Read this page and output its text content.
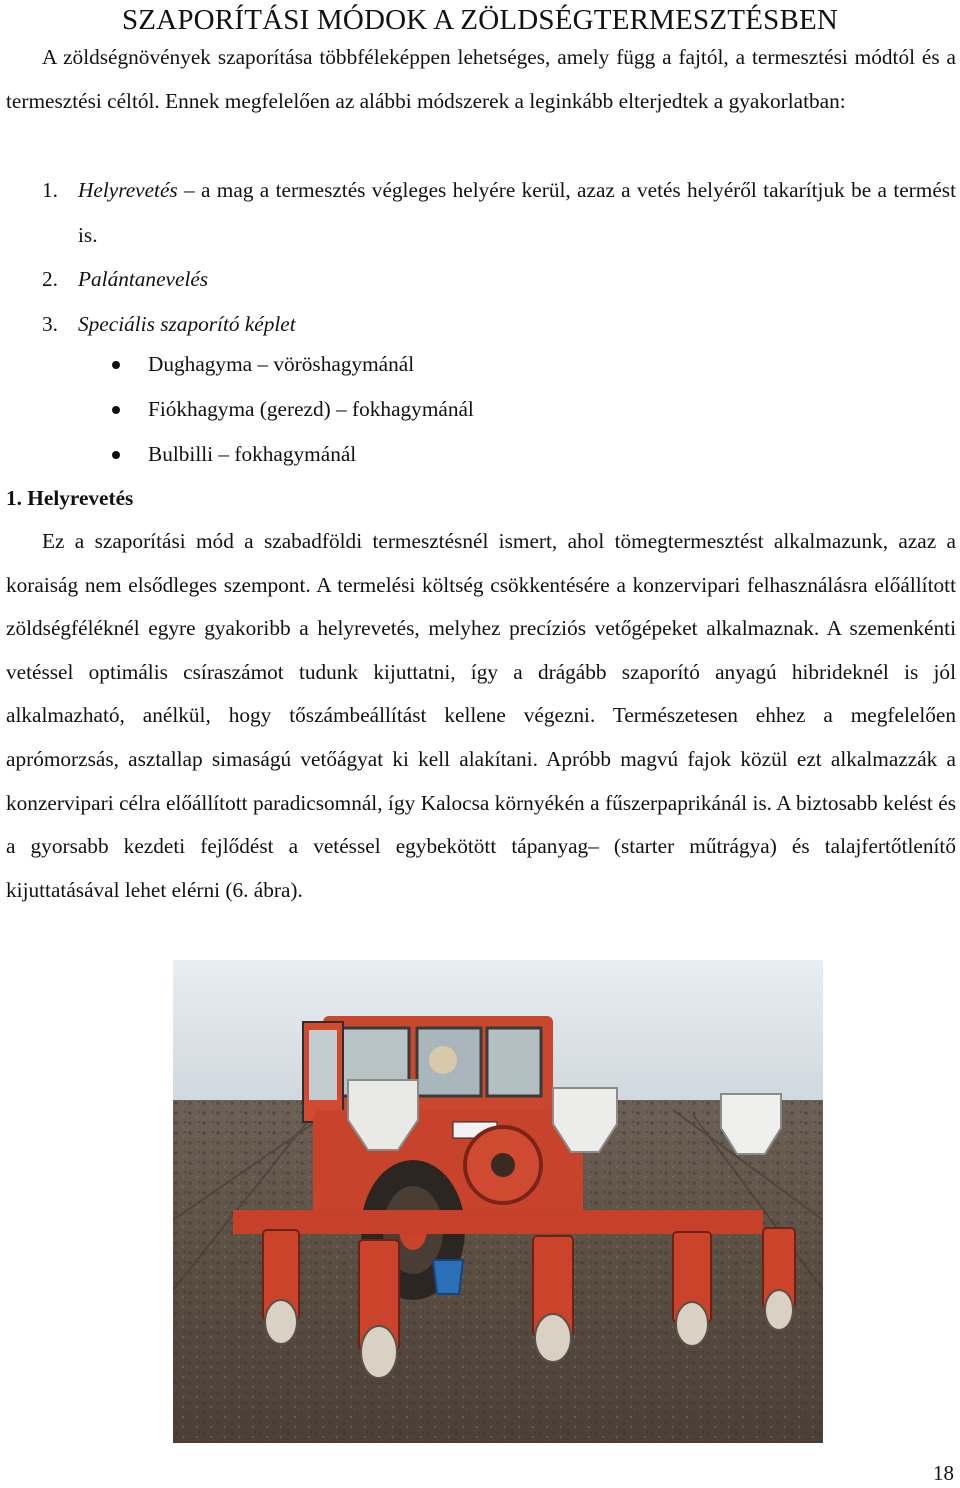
SZAPORÍTÁSI MÓDOK A ZÖLDSÉGTERMESZTÉSBEN

A zöldségnövények szaporítása többféleképpen lehetséges, amely függ a fajtól, a termesztési módtól és a termesztési céltól. Ennek megfelelően az alábbi módszerek a leginkább elterjedtek a gyakorlatban:

1. Helyrevetés – a mag a termesztés végleges helyére kerül, azaz a vetés helyéről takarítjuk be a termést is.
2. Palántanevelés
3. Speciális szaporító képlet
Dughagyma – vöröshagymánál
Fiókhagyma (gerezd) – fokhagymánál
Bulbilli – fokhagymánál
1. Helyrevetés

Ez a szaporítási mód a szabadföldi termesztésnél ismert, ahol tömegtermesztést alkalmazunk, azaz a koraiság nem elsődleges szempont. A termelési költség csökkentésére a konzervipari felhasználásra előállított zöldségféléknél egyre gyakoribb a helyrevetés, melyhez precíziós vetőgépeket alkalmaznak. A szemenkénti vetéssel optimális csíraszámot tudunk kijuttatni, így a drágább szaporító anyagú hibrideknél is jól alkalmazható, anélkül, hogy tőszámbeállítást kellene végezni. Természetesen ehhez a megfelelően aprómorzsás, asztallap simaságú vetőágyat ki kell alakítani. Apróbb magvú fajok közül ezt alkalmazzák a konzervipari célra előállított paradicsomnál, így Kalocsa környékén a fűszerpaprikánál is. A biztosabb kelést és a gyorsabb kezdeti fejlődést a vetéssel egybekötött tápanyag– (starter műtrágya) és talajfertőtlenítő kijuttatásával lehet elérni (6. ábra).

18
